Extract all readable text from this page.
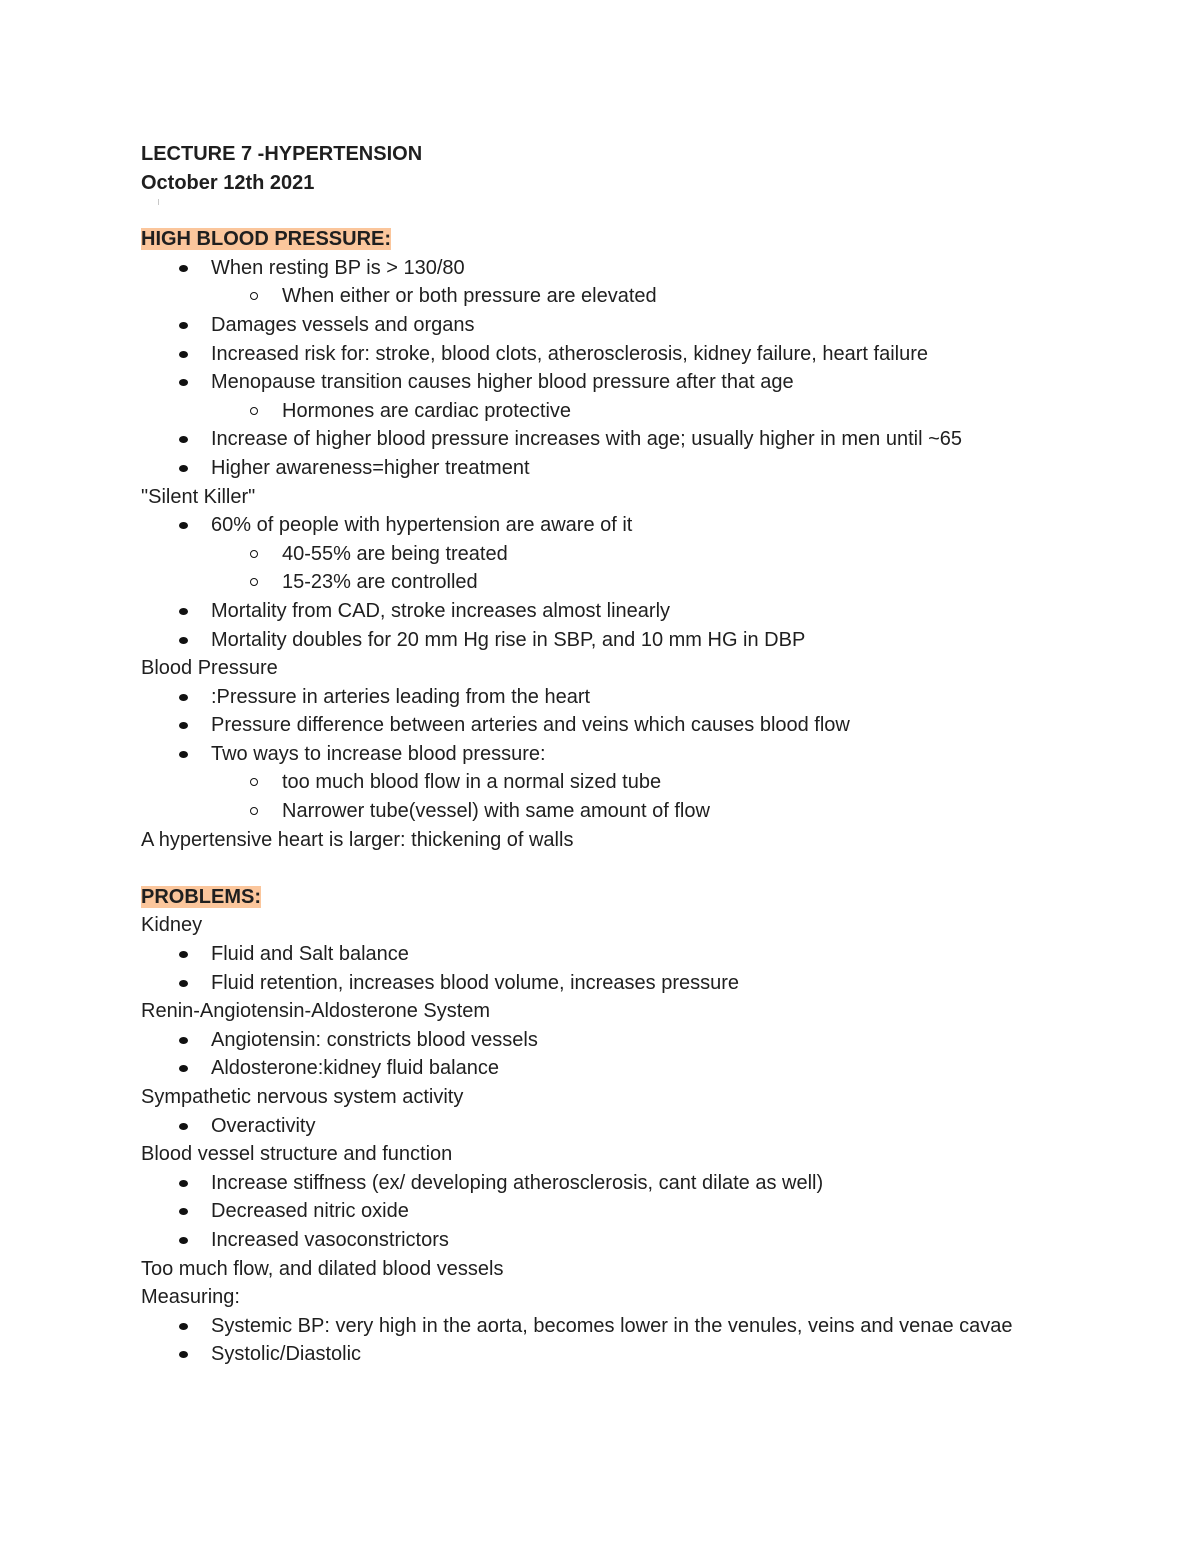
LECTURE 7 -HYPERTENSION
October 12th 2021
HIGH BLOOD PRESSURE:
When resting BP is > 130/80
When either or both pressure are elevated
Damages vessels and organs
Increased risk for: stroke, blood clots, atherosclerosis, kidney failure, heart failure
Menopause transition causes higher blood pressure after that age
Hormones are cardiac protective
Increase of higher blood pressure increases with age; usually higher in men until ~65
Higher awareness=higher treatment
"Silent Killer"
60% of people with hypertension are aware of it
40-55% are being treated
15-23% are controlled
Mortality from CAD, stroke increases almost linearly
Mortality doubles for 20 mm Hg rise in SBP, and 10 mm HG in DBP
Blood Pressure
:Pressure in arteries leading from the heart
Pressure difference between arteries and veins which causes blood flow
Two ways to increase blood pressure:
too much blood flow in a normal sized tube
Narrower tube(vessel) with same amount of flow
A hypertensive heart is larger: thickening of walls
PROBLEMS:
Kidney
Fluid and Salt balance
Fluid retention, increases blood volume, increases pressure
Renin-Angiotensin-Aldosterone System
Angiotensin: constricts blood vessels
Aldosterone:kidney fluid balance
Sympathetic nervous system activity
Overactivity
Blood vessel structure and function
Increase stiffness (ex/ developing atherosclerosis, cant dilate as well)
Decreased nitric oxide
Increased vasoconstrictors
Too much flow, and dilated blood vessels
Measuring:
Systemic BP: very high in the aorta, becomes lower in the venules, veins and venae cavae
Systolic/Diastolic
